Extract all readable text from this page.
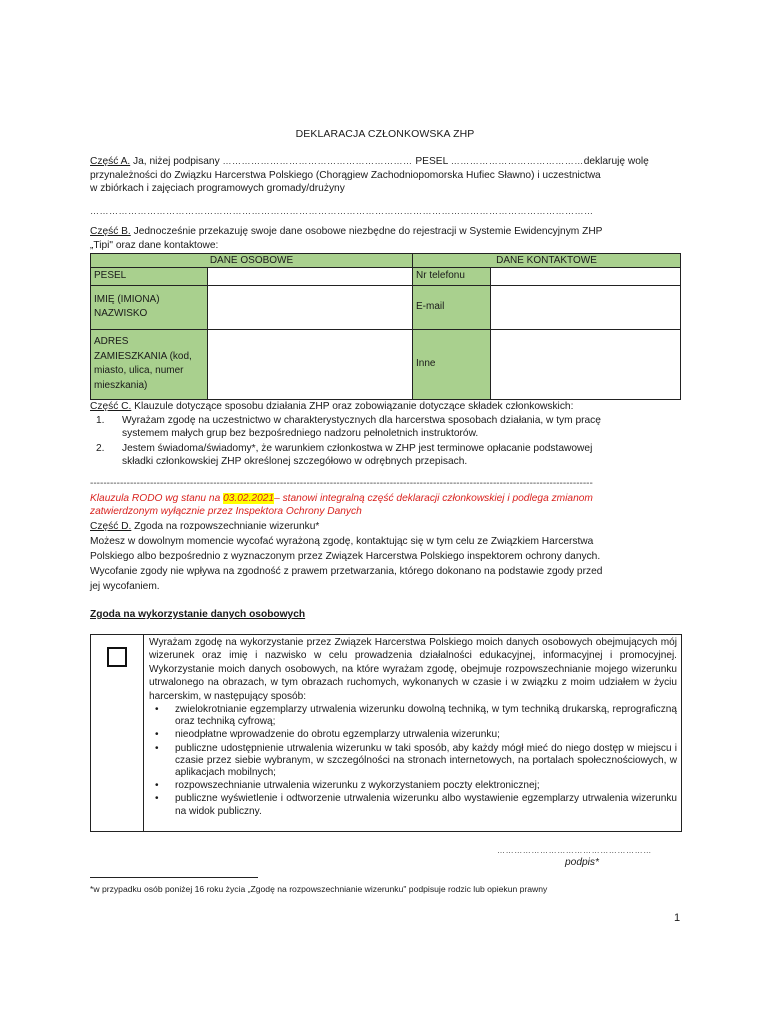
DEKLARACJA CZŁONKOWSKA ZHP
Część A. Ja, niżej podpisany …………………………………………………… PESEL ……………………………………deklaruję wolę
przynależności do Związku Harcerstwa Polskiego (Chorągiew Zachodniopomorska Hufiec Sławno) i uczestnictwa
w zbiórkach i zajęciach programowych gromady/drużyny
……………………………………………………………………………………………………………………………………………
Część B. Jednocześnie przekazuję swoje dane osobowe niezbędne do rejestracji w Systemie Ewidencyjnym ZHP
„Tipi" oraz dane kontaktowe:
DANE OSOBOWE		DANE KONTAKTOWE	
PESEL		Nr telefonu	
IMIĘ (IMIONA) NAZWISKO		E-mail	
ADRES ZAMIESZKANIA (kod, miasto, ulica, numer mieszkania)		Inne	
Część C. Klauzule dotyczące sposobu działania ZHP oraz zobowiązanie dotyczące składek członkowskich:
1.	Wyrażam zgodę na uczestnictwo w charakterystycznych dla harcerstwa sposobach działania, w tym pracę
systemem małych grup bez bezpośredniego nadzoru pełnoletnich instruktorów.
2.	Jestem świadoma/świadomy*, że warunkiem członkostwa w ZHP jest terminowe opłacanie podstawowej
składki członkowskiej ZHP określonej szczegółowo w odrębnych przepisach.
-------------------------------------------------------------------------------------------------------------------------------------------------------
Klauzula RODO wg stanu na 03.02.2021– stanowi integralną część deklaracji członkowskiej i podlega zmianom
zatwierdzonym wyłącznie przez Inspektora Ochrony Danych
Część D. Zgoda na rozpowszechnianie wizerunku*
Możesz w dowolnym momencie wycofać wyrażoną zgodę, kontaktując się w tym celu ze Związkiem Harcerstwa
Polskiego albo bezpośrednio z wyznaczonym przez Związek Harcerstwa Polskiego inspektorem ochrony danych.
Wycofanie zgody nie wpływa na zgodność z prawem przetwarzania, którego dokonano na podstawie zgody przed
jej wycofaniem.
Zgoda na wykorzystanie danych osobowych
Wyrażam zgodę na wykorzystanie przez Związek Harcerstwa Polskiego moich danych osobowych obejmujących mój wizerunek oraz imię i nazwisko w celu prowadzenia działalności edukacyjnej, informacyjnej i promocyjnej. Wykorzystanie moich danych osobowych, na które wyrażam zgodę, obejmuje rozpowszechnianie mojego wizerunku utrwalonego na obrazach, w tym obrazach ruchomych, wykonanych w czasie i w związku z moim udziałem w życiu harcerskim, w następujący sposób:
• zwielokrotnianie egzemplarzy utrwalenia wizerunku dowolną techniką, w tym techniką drukarską, reprograficzną oraz techniką cyfrową;
• nieodpłatne wprowadzenie do obrotu egzemplarzy utrwalenia wizerunku;
• publiczne udostępnienie utrwalenia wizerunku w taki sposób, aby każdy mógł mieć do niego dostęp w miejscu i czasie przez siebie wybranym, w szczególności na stronach internetowych, na portalach społecznościowych, w aplikacjach mobilnych;
• rozpowszechnianie utrwalenia wizerunku z wykorzystaniem poczty elektronicznej;
• publiczne wyświetlenie i odtworzenie utrwalenia wizerunku albo wystawienie egzemplarzy utrwalenia wizerunku na widok publiczny.
………………………………………………
podpis*
*w przypadku osób poniżej 16 roku życia „Zgodę na rozpowszechnianie wizerunku" podpisuje rodzic lub opiekun prawny
1
